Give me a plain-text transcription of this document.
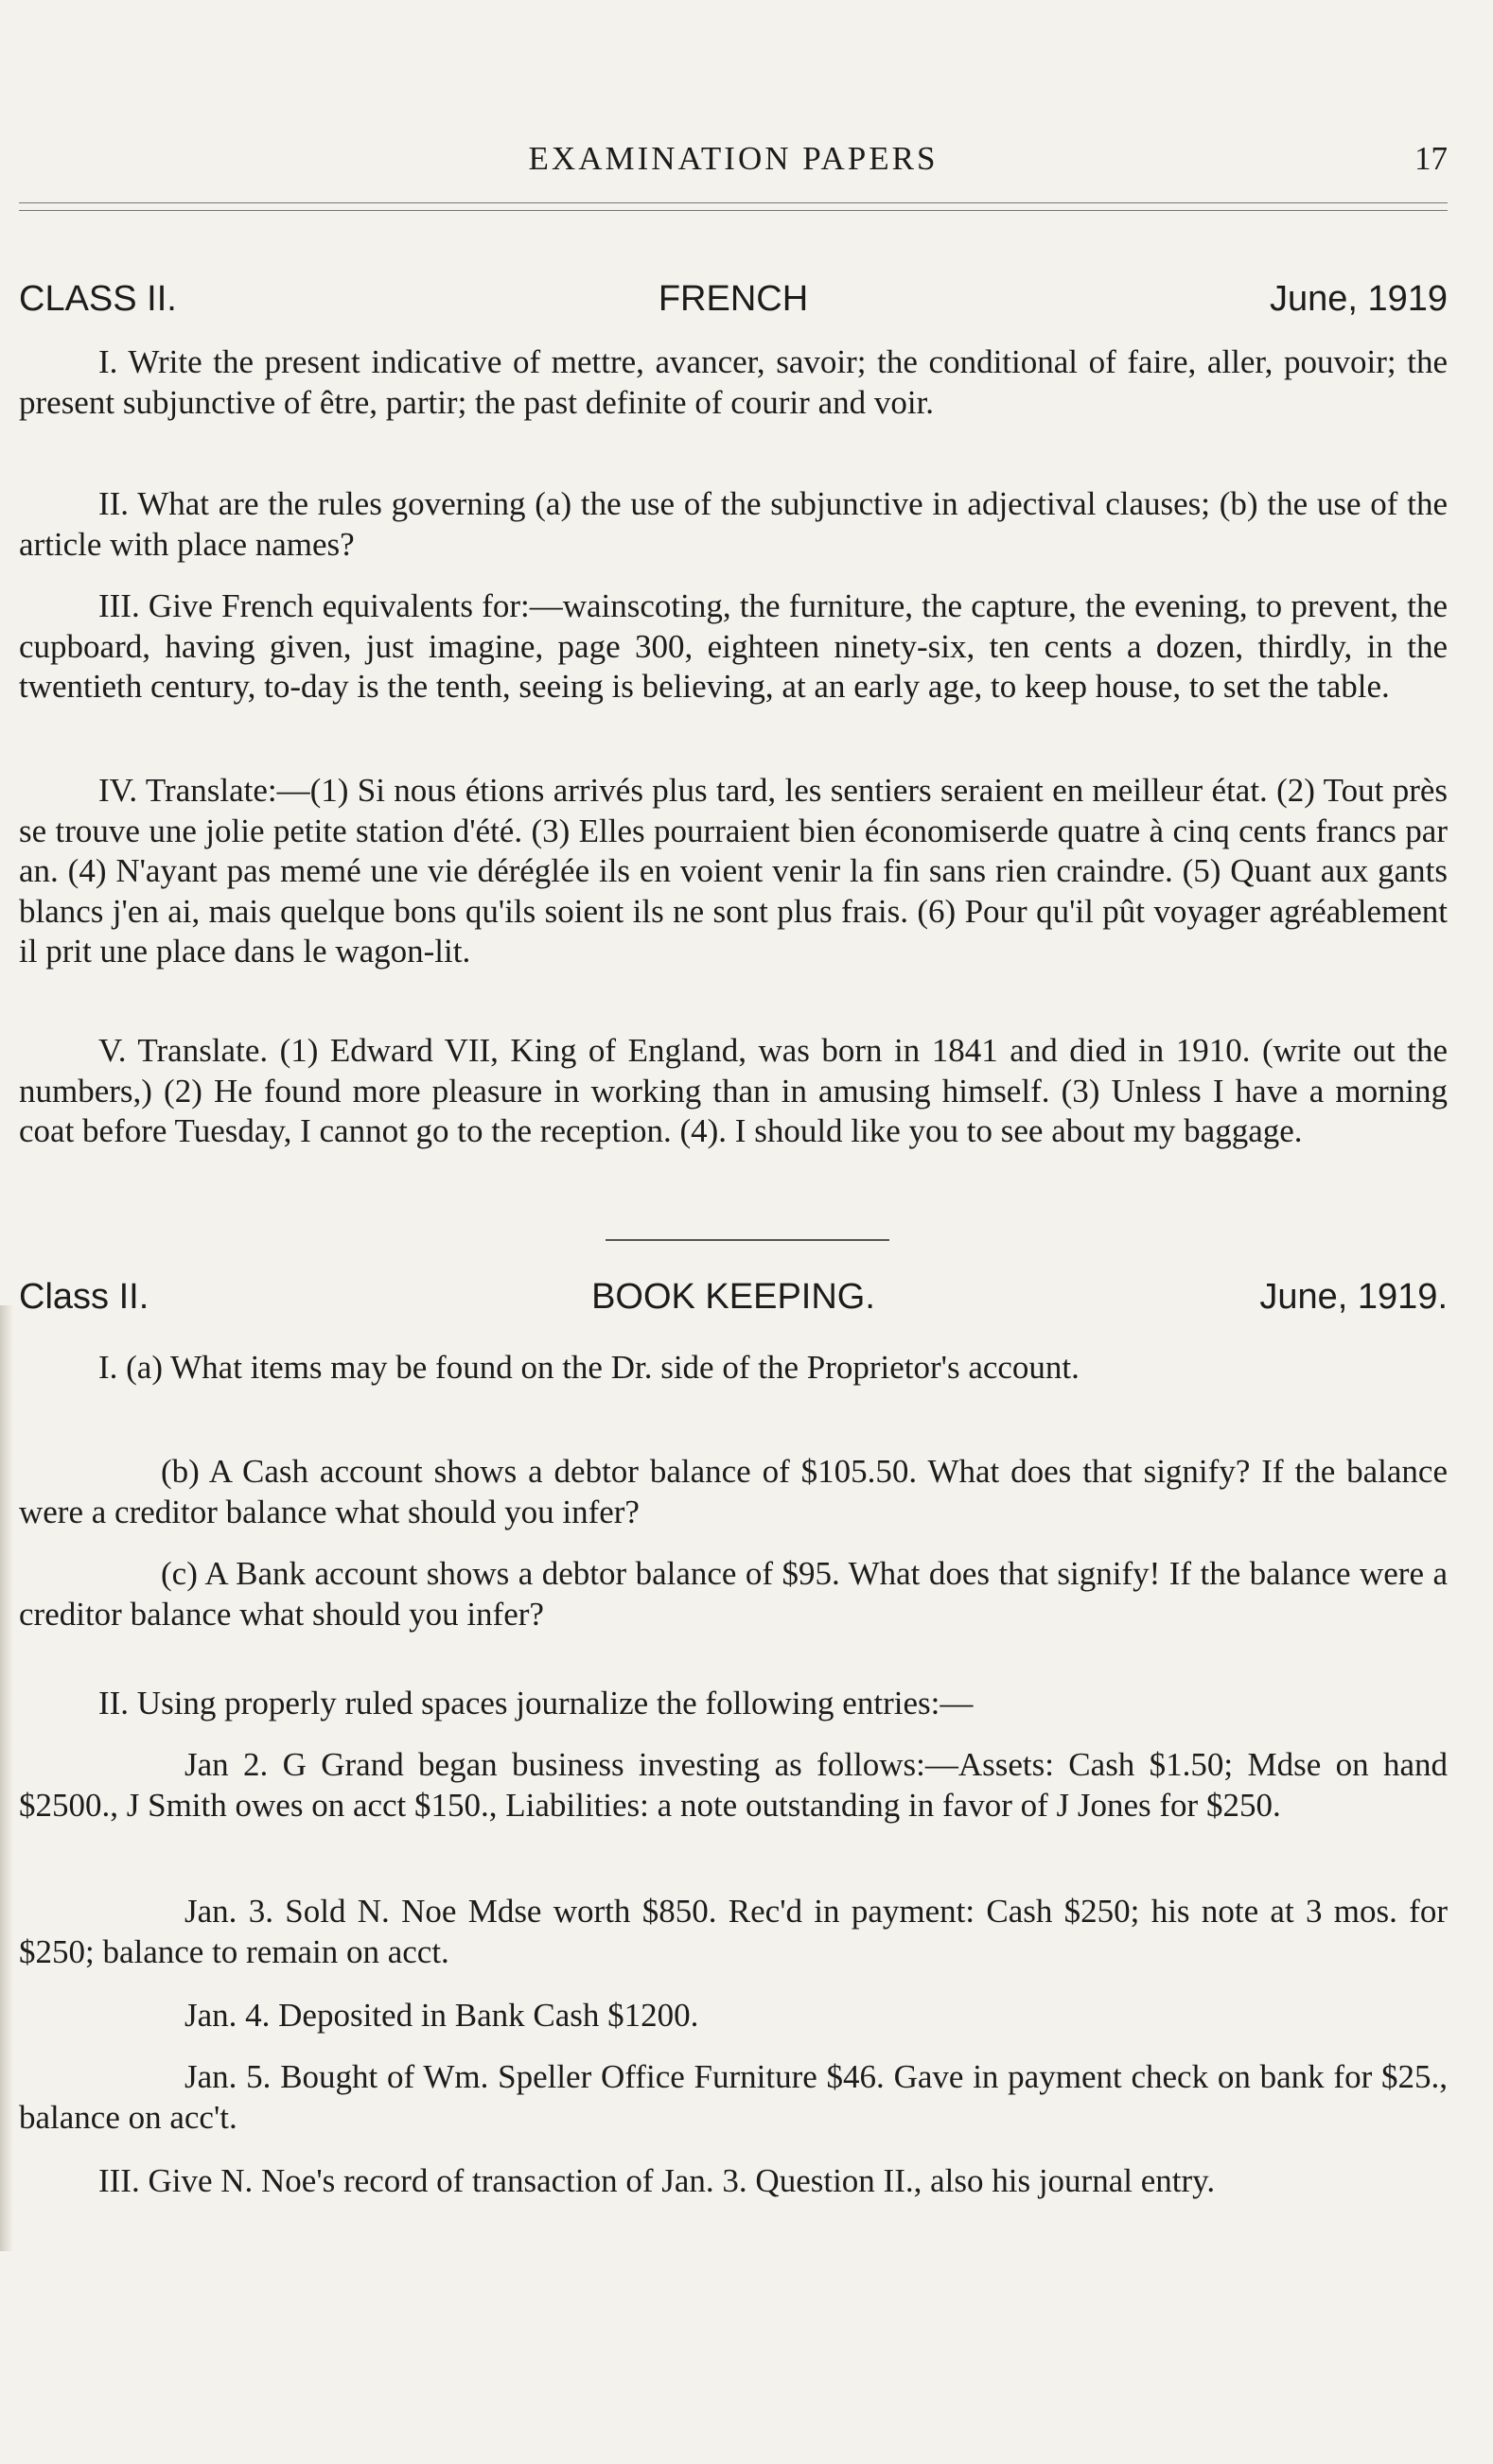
EXAMINATION PAPERS	17
CLASS II.	FRENCH	June, 1919

I. Write the present indicative of mettre, avancer, savoir; the conditional of faire, aller, pouvoir; the present subjunctive of être, partir; the past definite of courir and voir.

II. What are the rules governing (a) the use of the subjunctive in adjectival clauses; (b) the use of the article with place names?

III. Give French equivalents for:—wainscoting, the furniture, the capture, the evening, to prevent, the cupboard, having given, just imagine, page 300, eighteen ninety-six, ten cents a dozen, thirdly, in the twentieth century, to-day is the tenth, seeing is believing, at an early age, to keep house, to set the table.

IV. Translate:—(1) Si nous étions arrivés plus tard, les sentiers seraient en meilleur état. (2) Tout près se trouve une jolie petite station d'été. (3) Elles pourraient bien économiserde quatre à cinq cents francs par an. (4) N'ayant pas memé une vie déréglée ils en voient venir la fin sans rien craindre. (5) Quant aux gants blancs j'en ai, mais quelque bons qu'ils soient ils ne sont plus frais. (6) Pour qu'il pût voyager agréablement il prit une place dans le wagon-lit.

V. Translate. (1) Edward VII, King of England, was born in 1841 and died in 1910. (write out the numbers,) (2) He found more pleasure in working than in amusing himself. (3) Unless I have a morning coat before Tuesday, I cannot go to the reception. (4). I should like you to see about my baggage.

Class II.	BOOK KEEPING.	June, 1919.

I. (a) What items may be found on the Dr. side of the Proprietor's account.

(b) A Cash account shows a debtor balance of $105.50. What does that signify? If the balance were a creditor balance what should you infer?

(c) A Bank account shows a debtor balance of $95. What does that signify! If the balance were a creditor balance what should you infer?

II. Using properly ruled spaces journalize the following entries:—

Jan 2. G Grand began business investing as follows:—Assets: Cash $1.50; Mdse on hand $2500., J Smith owes on acct $150., Liabilities: a note outstanding in favor of J Jones for $250.

Jan. 3. Sold N. Noe Mdse worth $850. Rec'd in payment: Cash $250; his note at 3 mos. for $250; balance to remain on acct.

Jan. 4. Deposited in Bank Cash $1200.

Jan. 5. Bought of Wm. Speller Office Furniture $46. Gave in payment check on bank for $25., balance on acc't.

III. Give N. Noe's record of transaction of Jan. 3. Question II., also his journal entry.
